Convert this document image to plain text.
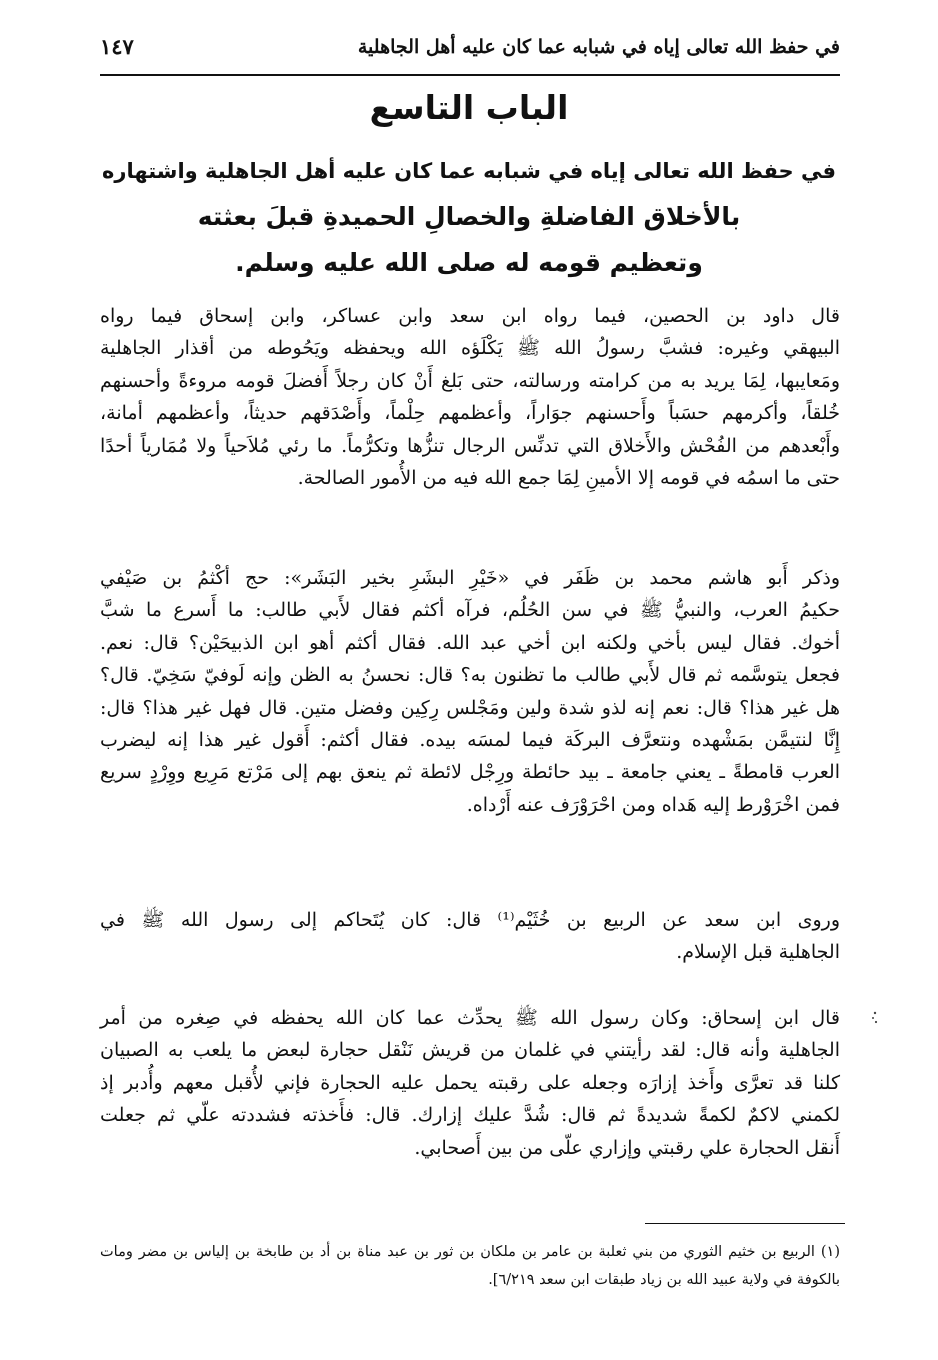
في حفظ الله تعالى إياه في شبابه عما كان عليه أهل الجاهلية
١٤٧
الباب التاسع
في حفظ الله تعالى إياه في شبابه عما كان عليه أهل الجاهلية واشتهاره
بالأخلاق الفاضلةِ والخصالِ الحميدةِ قبلَ بعثته
وتعظيم قومه له صلى الله عليه وسلم.
قال داود بن الحصين، فيما رواه ابن سعد وابن عساكر، وابن إسحاق فيما رواه
البيهقي وغيره: فشبَّ رسولُ الله ﷺ يَكْلَؤه الله ويحفظه ويَحُوطه من أقذار الجاهلية
ومَعايبها، لِمَا يريد به من كرامته ورسالته، حتى بَلغ أَنْ كان رجلاً أَفضلَ قومه مروءةً وأحسنهم
خُلقاً، وأكرمهم حسَباً وأَحسنهم جوَاراً، وأعظمهم حِلْماً، وأَصْدَقهم حديثاً، وأعظمهم أمانة،
وأَبْعدهم من الفُحْش والأَخلاق التي تدنِّس الرجال تنزُّها وتكرُّماً. ما رئي مُلاَحياً ولا مُمَارياً أحدًا
حتى ما اسمُه في قومه إلا الأمينِ لِمَا جمع الله فيه من الأُمور الصالحة.
وذكر أَبو هاشم محمد بن ظَفَر في «خَيْرِ البشَرِ بخير البَشَر»: حج أكْثمُ بن صَيْفي
حكيمُ العرب، والنبيُّ ﷺ في سن الحُلُم، فرآه أكثم فقال لأَبي طالب: ما أَسرع ما شبَّ
أخوك. فقال ليس بأخي ولكنه ابن أخي عبد الله. فقال أكثم أهو ابن الذبيحَيْن؟ قال: نعم.
فجعل يتوسَّمه ثم قال لأَبي طالب ما تظنون به؟ قال: نحسنُ به الظن وإنه لَوفيّ سَخِيّ. قال؟
هل غير هذا؟ قال: نعم إنه لذو شدة ولين ومَجْلس رِكِين وفضل متين. قال فهل غير هذا؟ قال:
إِنَّا لنتيمَّن بمَشْهده ونتعرَّف البركَة فيما لمسَه بيده. فقال أكثم: أَقول غير هذا إنه ليضرب
العرب قامطةً ـ يعني جامعة ـ بيد حائطة ورِجْل لائطة ثم ينعق بهم إلى مَرْتع مَرِيع ووِرْدٍ سريع
فمن اخْرَوْرط إليه هَداه ومن احْرَوْرَف عنه أَرْداه.
وروى ابن سعد عن الربيع بن خُثَيْم⁽¹⁾ قال: كان يُتَحاكم إلى رسول الله ﷺ في
الجاهلية قبل الإسلام.
قال ابن إسحاق: وكان رسول الله ﷺ يحدِّث عما كان الله يحفظه في صِغره من أمر
الجاهلية وأنه قال: لقد رأيتني في غلمان من قريش نَنْقل حجارة لبعض ما يلعب به الصبيان
كلنا قد تعرَّى وأَخذ إزارَه وجعله على رقبته يحمل عليه الحجارة فإني لأُقبل معهم وأُدبر إذ
لكمني لاكمٌ لكمةً شديدةً ثم قال: شُدَّ عليك إزارك. قال: فأَخذته فشددته علّي ثم جعلت
أَنقل الحجارة علي رقبتي وإزاري علّى من بين أَصحابي.
(١) الربيع بن خثيم الثوري من بني ثعلبة بن عامر بن ملكان بن ثور بن عبد مناة بن أد بن طابخة بن إلياس بن مضر ومات
بالكوفة في ولاية عبيد الله بن زياد طبقات ابن سعد ٦/٢١٩].
